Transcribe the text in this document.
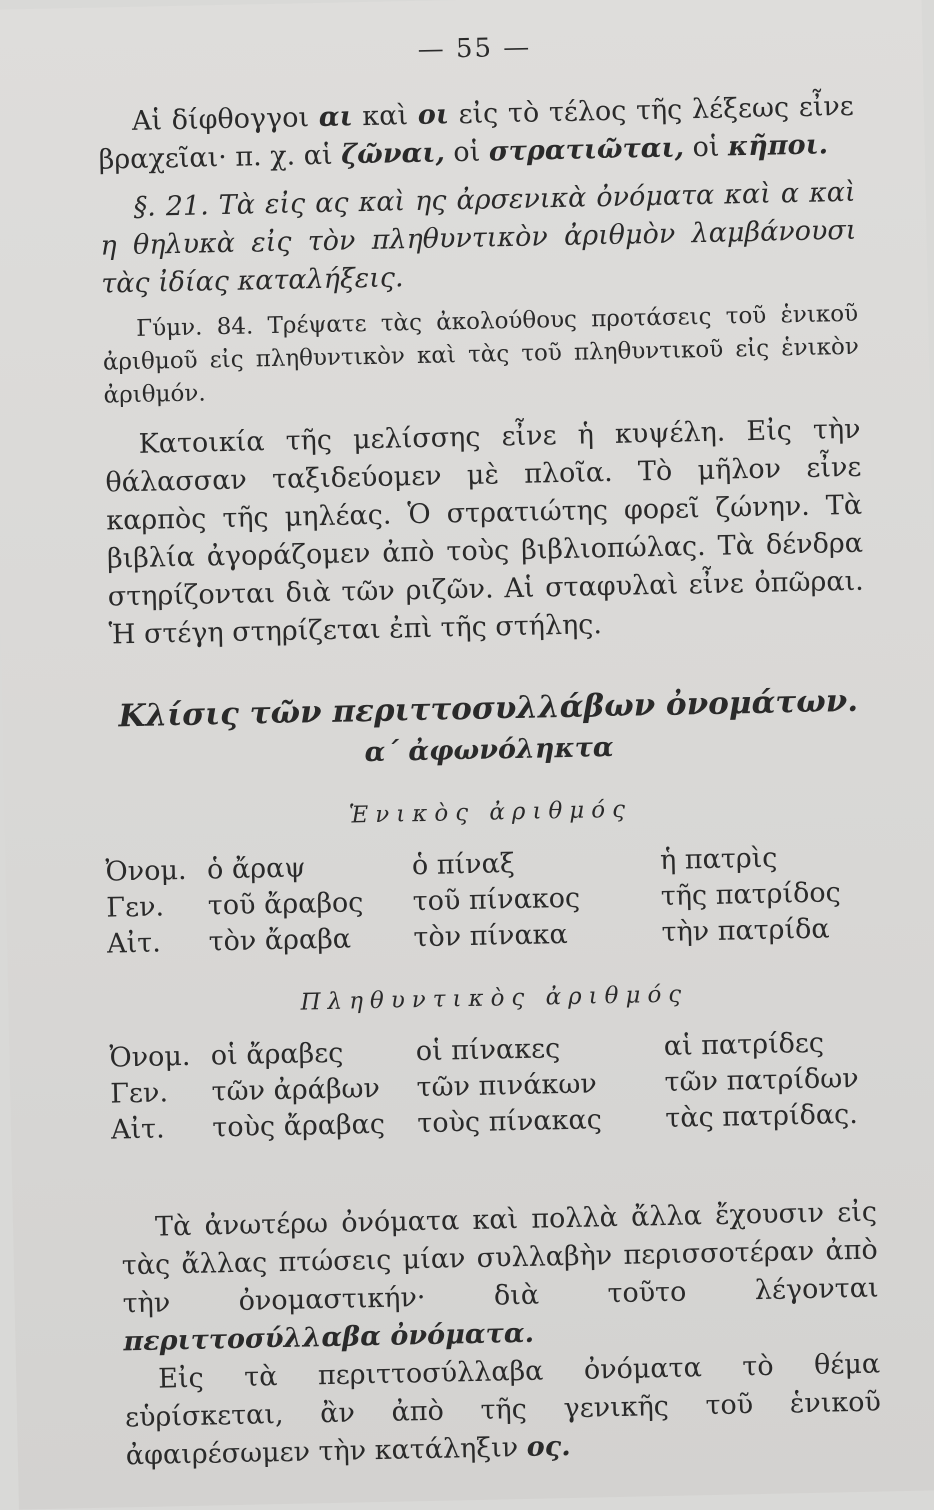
— 55 —

Αἱ δίφθογγοι αι καὶ οι εἰς τὸ τέλος τῆς λέξεως εἶνε βραχεῖαι· π. χ. αἱ ζῶναι, οἱ στρατιῶται, οἱ κῆποι.

§. 21. Τὰ εἰς ας καὶ ης ἀρσενικὰ ὀνόματα καὶ α καὶ η θηλυκὰ εἰς τὸν πληθυντικὸν ἀριθμὸν λαμβάνουσι τὰς ἰδίας καταλήξεις.

Γύμν. 84. Τρέψατε τὰς ἀκολούθους προτάσεις τοῦ ἑνικοῦ ἀριθμοῦ εἰς πληθυντικὸν καὶ τὰς τοῦ πληθυντικοῦ εἰς ἑνικὸν ἀριθμόν.

Κατοικία τῆς μελίσσης εἶνε ἡ κυψέλη. Εἰς τὴν θάλασσαν ταξιδεύομεν μὲ πλοῖα. Τὸ μῆλον εἶνε καρπὸς τῆς μηλέας. Ὁ στρατιώτης φορεῖ ζώνην. Τὰ βιβλία ἀγοράζομεν ἀπὸ τοὺς βιβλιοπώλας. Τὰ δένδρα στηρίζονται διὰ τῶν ριζῶν. Αἱ σταφυλαὶ εἶνε ὀπῶραι. Ἡ στέγη στηρίζεται ἐπὶ τῆς στήλης.

Κλίσις τῶν περιττοσυλλάβων ὀνομάτων.
α΄ ἀφωνόληκτα
Ἑνικὸς ἀριθμός
Ὀνομ.	ὁ ἄραψ	ὁ πίναξ	ἡ πατρὶς
Γεν.	τοῦ ἄραβος	τοῦ πίνακος	τῆς πατρίδος
Αἰτ.	τὸν ἄραβα	τὸν πίνακα	τὴν πατρίδα
Πληθυντικὸς ἀριθμός
Ὀνομ.	οἱ ἄραβες	οἱ πίνακες	αἱ πατρίδες
Γεν.	τῶν ἀράβων	τῶν πινάκων	τῶν πατρίδων
Αἰτ.	τοὺς ἄραβας	τοὺς πίνακας	τὰς πατρίδας.

Τὰ ἀνωτέρω ὀνόματα καὶ πολλὰ ἄλλα ἔχουσιν εἰς τὰς ἄλλας πτώσεις μίαν συλλαβὴν περισσοτέραν ἀπὸ τὴν ὀνομαστικήν· διὰ τοῦτο λέγονται περιττοσύλλαβα ὀνόματα.

Εἰς τὰ περιττοσύλλαβα ὀνόματα τὸ θέμα εὑρίσκεται, ἂν ἀπὸ τῆς γενικῆς τοῦ ἑνικοῦ ἀφαιρέσωμεν τὴν κατάληξιν ος.
